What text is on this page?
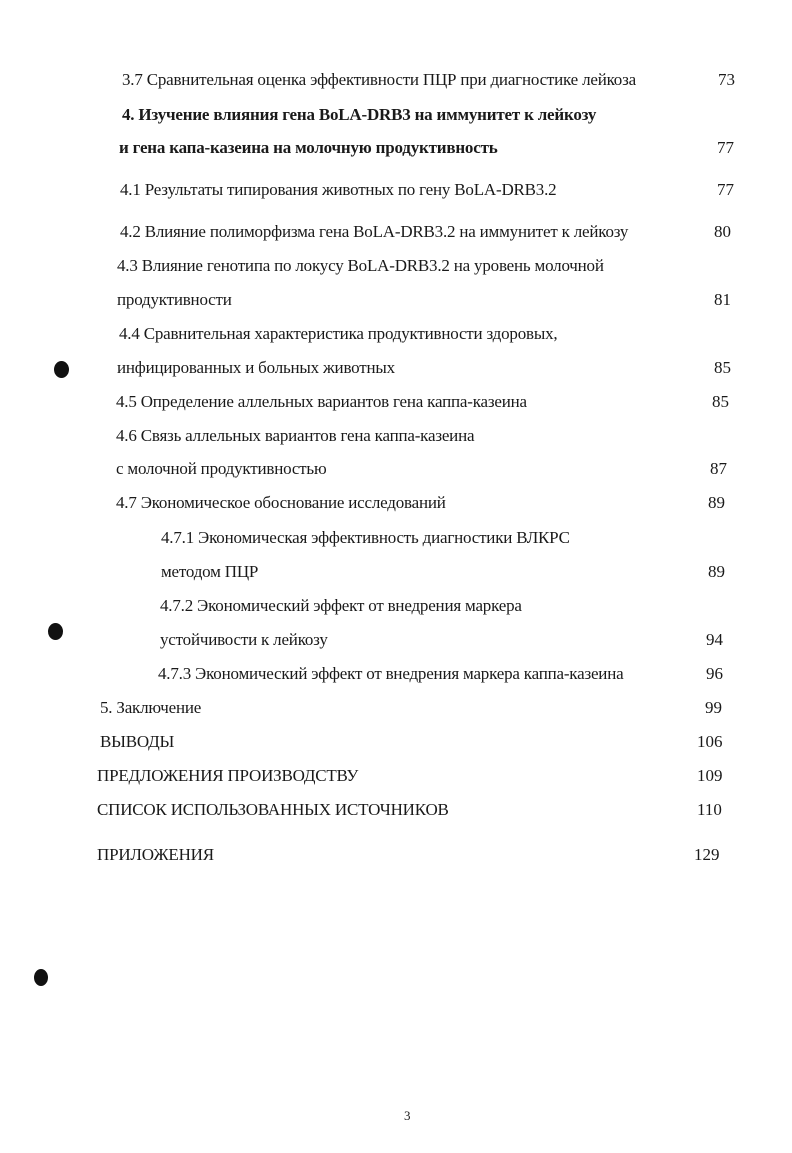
3.7 Сравнительная оценка эффективности ПЦР при диагностике лейкоза	73
4. Изучение влияния гена BoLA-DRB3 на иммунитет к лейкозу
и гена капа-казеина на молочную продуктивность	77
4.1 Результаты типирования животных по гену BoLA-DRB3.2	77
4.2 Влияние полиморфизма гена BoLA-DRB3.2 на иммунитет к лейкозу	80
4.3 Влияние генотипа по локусу BoLA-DRB3.2 на уровень молочной
продуктивности	81
4.4 Сравнительная характеристика продуктивности здоровых,
инфицированных и больных животных	85
4.5 Определение аллельных вариантов гена каппа-казеина	85
4.6 Связь аллельных вариантов гена каппа-казеина
с молочной продуктивностью	87
4.7 Экономическое обоснование исследований	89
4.7.1 Экономическая эффективность диагностики ВЛКРС
методом ПЦР	89
4.7.2 Экономический эффект от внедрения маркера
устойчивости к лейкозу	94
4.7.3 Экономический эффект от внедрения маркера каппа-казеина	96
5. Заключение	99
ВЫВОДЫ	106
ПРЕДЛОЖЕНИЯ ПРОИЗВОДСТВУ	109
СПИСОК ИСПОЛЬЗОВАННЫХ ИСТОЧНИКОВ	110
ПРИЛОЖЕНИЯ	129
3
